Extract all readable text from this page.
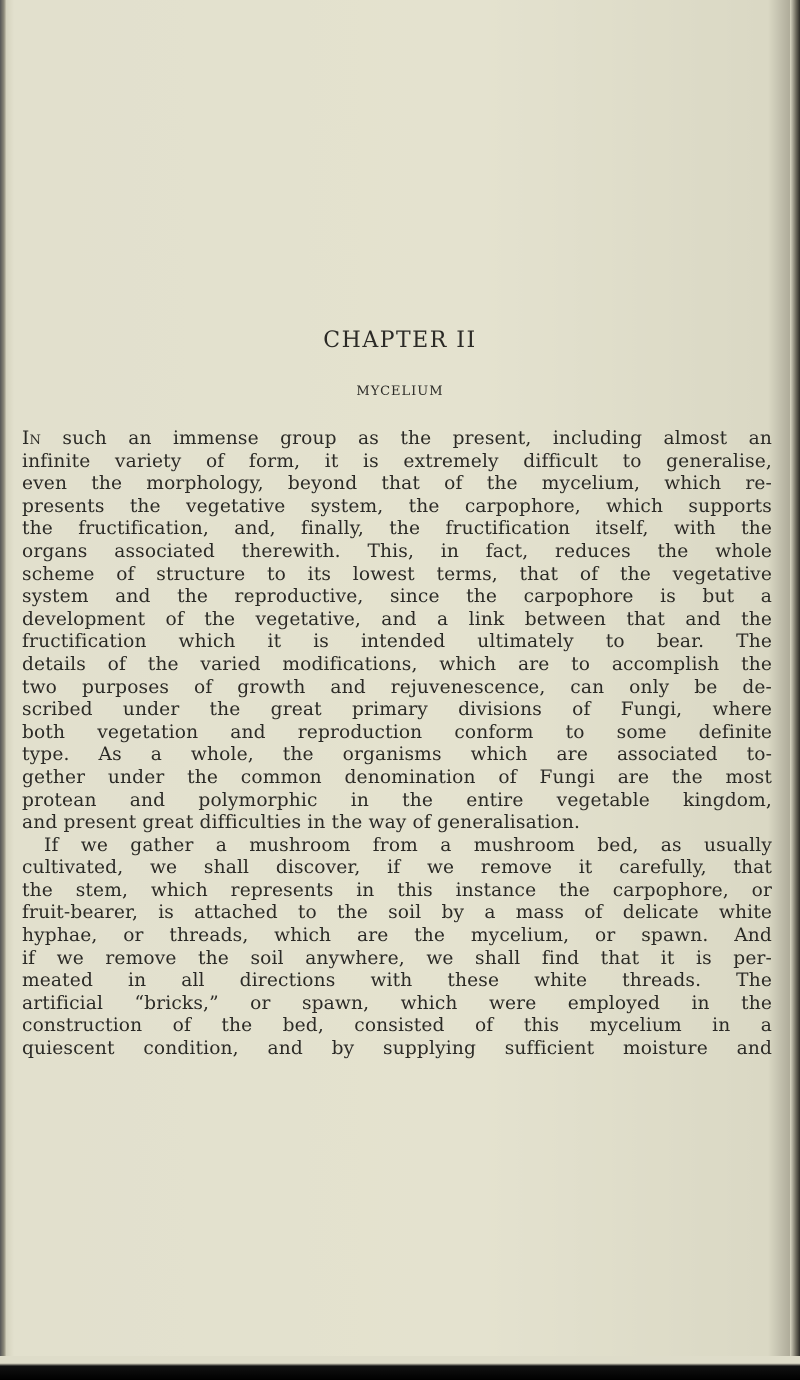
CHAPTER II
MYCELIUM
In such an immense group as the present, including almost an
infinite variety of form, it is extremely difficult to generalise,
even the morphology, beyond that of the mycelium, which re-
presents the vegetative system, the carpophore, which supports
the fructification, and, finally, the fructification itself, with the
organs associated therewith. This, in fact, reduces the whole
scheme of structure to its lowest terms, that of the vegetative
system and the reproductive, since the carpophore is but a
development of the vegetative, and a link between that and the
fructification which it is intended ultimately to bear. The
details of the varied modifications, which are to accomplish the
two purposes of growth and rejuvenescence, can only be de-
scribed under the great primary divisions of Fungi, where
both vegetation and reproduction conform to some definite
type. As a whole, the organisms which are associated to-
gether under the common denomination of Fungi are the most
protean and polymorphic in the entire vegetable kingdom,
and present great difficulties in the way of generalisation.
If we gather a mushroom from a mushroom bed, as usually
cultivated, we shall discover, if we remove it carefully, that
the stem, which represents in this instance the carpophore, or
fruit-bearer, is attached to the soil by a mass of delicate white
hyphae, or threads, which are the mycelium, or spawn. And
if we remove the soil anywhere, we shall find that it is per-
meated in all directions with these white threads. The
artificial “bricks,” or spawn, which were employed in the
construction of the bed, consisted of this mycelium in a
quiescent condition, and by supplying sufficient moisture and
